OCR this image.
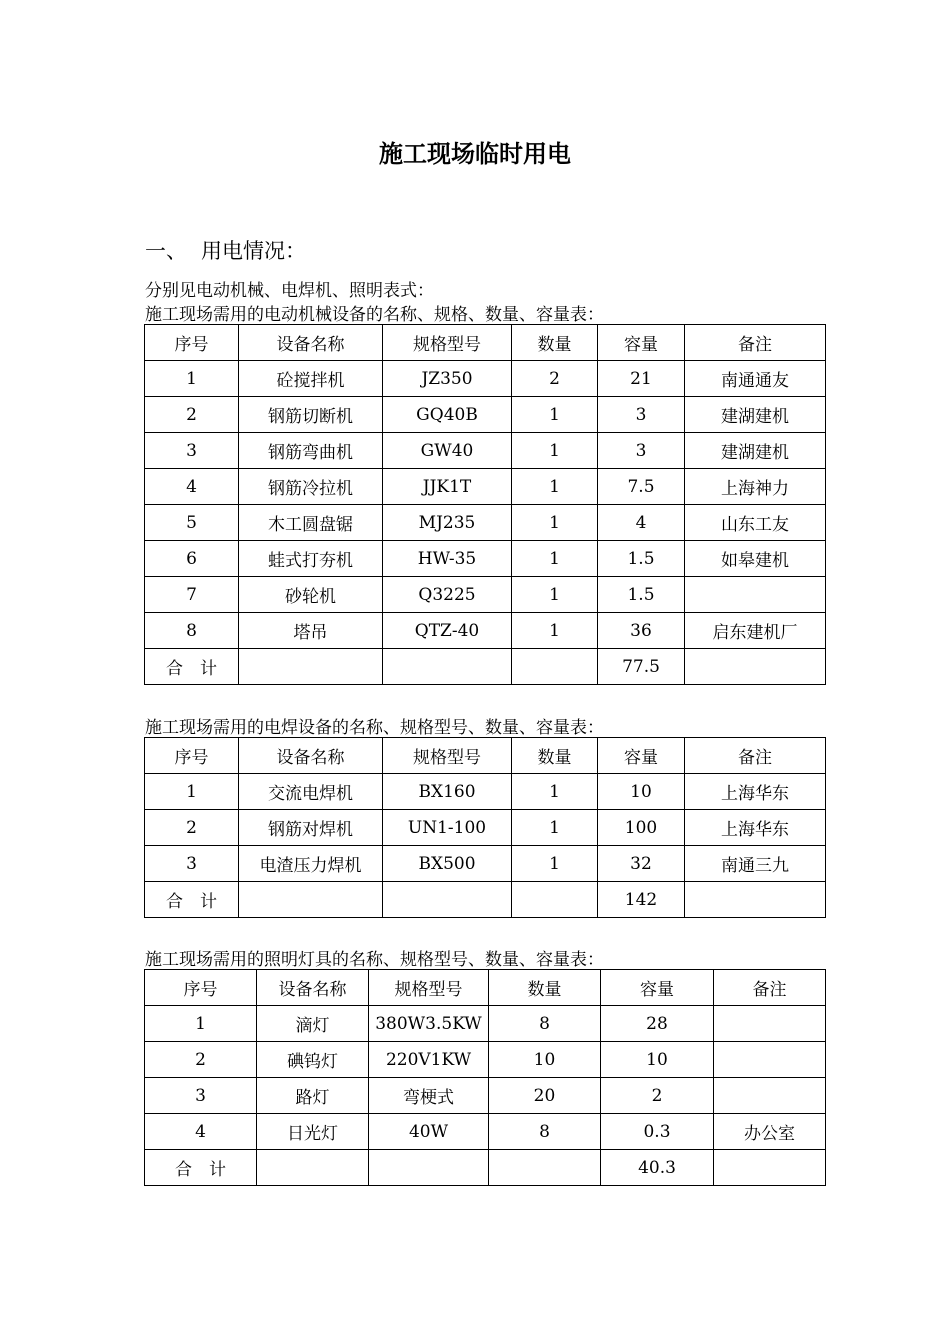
施工现场临时用电
一、 用电情况：
分别见电动机械、电焊机、照明表式：
施工现场需用的电动机械设备的名称、规格、数量、容量表：
序号	设备名称	规格型号	数量	容量	备注
1	砼搅拌机	JZ350	2	21	南通通友
2	钢筋切断机	GQ40B	1	3	建湖建机
3	钢筋弯曲机	GW40	1	3	建湖建机
4	钢筋冷拉机	JJK1T	1	7.5	上海神力
5	木工圆盘锯	MJ235	1	4	山东工友
6	蛙式打夯机	HW-35	1	1.5	如皋建机
7	砂轮机	Q3225	1	1.5	
8	塔吊	QTZ-40	1	36	启东建机厂
合　计				77.5	
施工现场需用的电焊设备的名称、规格型号、数量、容量表：
序号	设备名称	规格型号	数量	容量	备注
1	交流电焊机	BX160	1	10	上海华东
2	钢筋对焊机	UN1-100	1	100	上海华东
3	电渣压力焊机	BX500	1	32	南通三九
合　计				142	
施工现场需用的照明灯具的名称、规格型号、数量、容量表：
序号	设备名称	规格型号	数量	容量	备注
1	滴灯	380W3.5KW	8	28	
2	碘钨灯	220V1KW	10	10	
3	路灯	弯梗式	20	2	
4	日光灯	40W	8	0.3	办公室
合　计				40.3	
